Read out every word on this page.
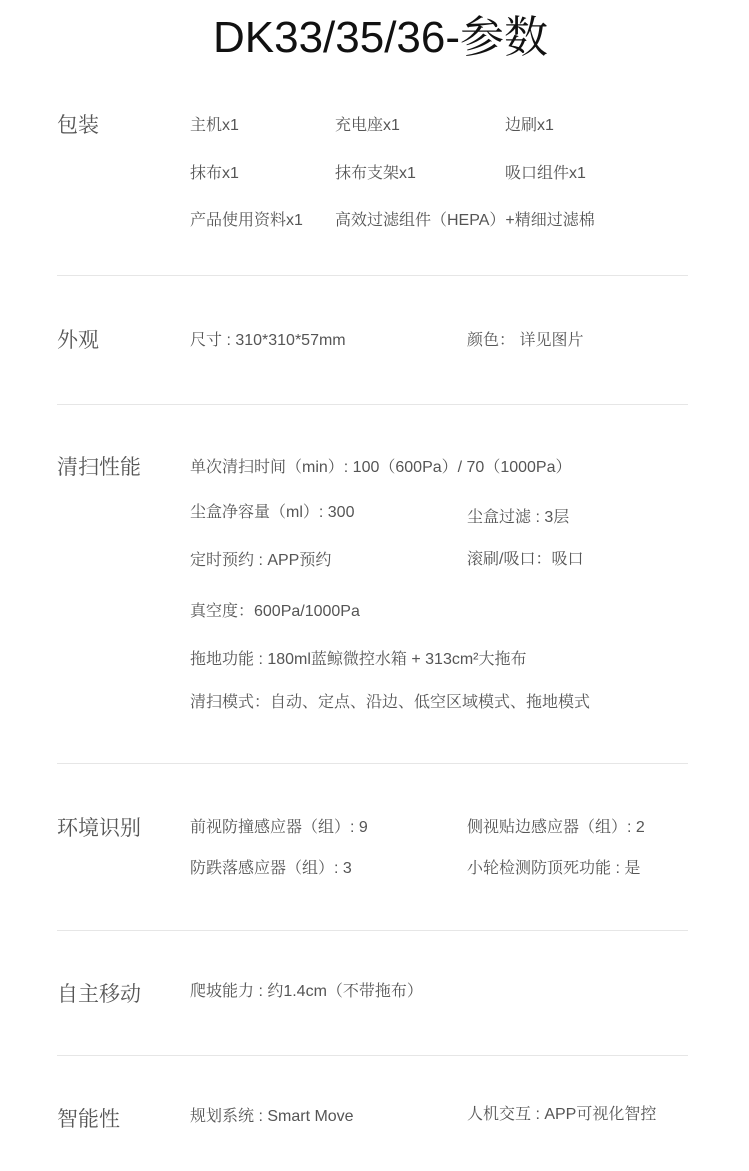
DK33/35/36-参数
包装	主机x1	充电座x1	边刷x1
抹布x1	抹布支架x1	吸口组件x1
产品使用资料x1 高效过滤组件（HEPA）+精细过滤棉
外观	尺寸 : 310*310*57mm	颜色： 详见图片
清扫性能	单次清扫时间（min）: 100（600Pa）/ 70（1000Pa）
尘盒净容量（ml）: 300	尘盒过滤 : 3层
定时预约 : APP预约	滚刷/吸口：吸口
真空度：600Pa/1000Pa
拖地功能 : 180ml蓝鲸微控水箱 + 313cm²大拖布
清扫模式：自动、定点、沿边、低空区域模式、拖地模式
环境识别	前视防撞感应器（组）: 9	侧视贴边感应器（组）: 2
防跌落感应器（组）: 3	小轮检测防顶死功能 : 是
自主移动	爬坡能力 : 约1.4cm（不带拖布）
智能性	规划系统 : Smart Move	人机交互 : APP可视化智控
